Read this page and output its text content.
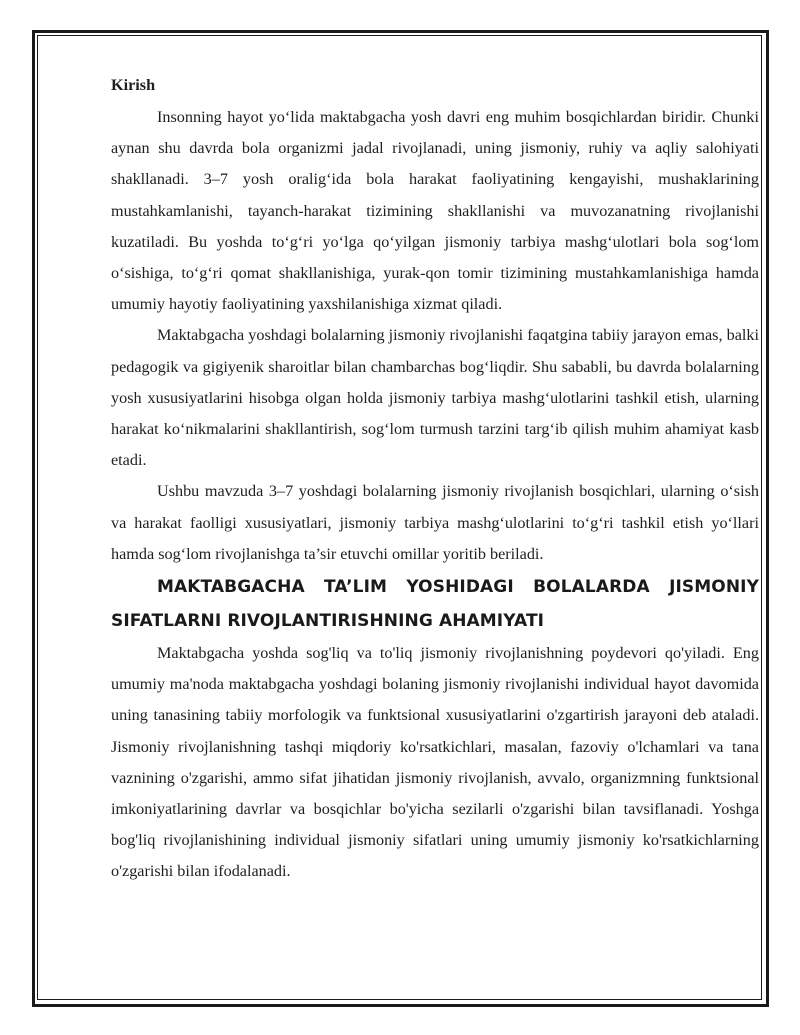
Kirish

Insonning hayot yo‘lida maktabgacha yosh davri eng muhim bosqichlardan biridir. Chunki aynan shu davrda bola organizmi jadal rivojlanadi, uning jismoniy, ruhiy va aqliy salohiyati shakllanadi. 3–7 yosh oralig‘ida bola harakat faoliyatining kengayishi, mushaklarining mustahkamlanishi, tayanch-harakat tizimining shakllanishi va muvozanatning rivojlanishi kuzatiladi. Bu yoshda to‘g‘ri yo‘lga qo‘yilgan jismoniy tarbiya mashg‘ulotlari bola sog‘lom o‘sishiga, to‘g‘ri qomat shakllanishiga, yurak-qon tomir tizimining mustahkamlanishiga hamda umumiy hayotiy faoliyatining yaxshilanishiga xizmat qiladi.

Maktabgacha yoshdagi bolalarning jismoniy rivojlanishi faqatgina tabiiy jarayon emas, balki pedagogik va gigiyenik sharoitlar bilan chambarchas bog‘liqdir. Shu sababli, bu davrda bolalarning yosh xususiyatlarini hisobga olgan holda jismoniy tarbiya mashg‘ulotlarini tashkil etish, ularning harakat ko‘nikmalarini shakllantirish, sog‘lom turmush tarzini targ‘ib qilish muhim ahamiyat kasb etadi.

Ushbu mavzuda 3–7 yoshdagi bolalarning jismoniy rivojlanish bosqichlari, ularning o‘sish va harakat faolligi xususiyatlari, jismoniy tarbiya mashg‘ulotlarini to‘g‘ri tashkil etish yo‘llari hamda sog‘lom rivojlanishga ta’sir etuvchi omillar yoritib beriladi.

MAKTABGACHA TA’LIM YOSHIDAGI BOLALARDA JISMONIY SIFATLARNI RIVOJLANTIRISHNING AHAMIYATI

Maktabgacha yoshda sog'liq va to'liq jismoniy rivojlanishning poydevori qo'yiladi. Eng umumiy ma'noda maktabgacha yoshdagi bolaning jismoniy rivojlanishi individual hayot davomida uning tanasining tabiiy morfologik va funktsional xususiyatlarini o'zgartirish jarayoni deb ataladi. Jismoniy rivojlanishning tashqi miqdoriy ko'rsatkichlari, masalan, fazoviy o'lchamlari va tana vaznining o'zgarishi, ammo sifat jihatidan jismoniy rivojlanish, avvalo, organizmning funktsional imkoniyatlarining davrlar va bosqichlar bo'yicha sezilarli o'zgarishi bilan tavsiflanadi. Yoshga bog'liq rivojlanishining individual jismoniy sifatlari uning umumiy jismoniy ko'rsatkichlarning o'zgarishi bilan ifodalanadi.
